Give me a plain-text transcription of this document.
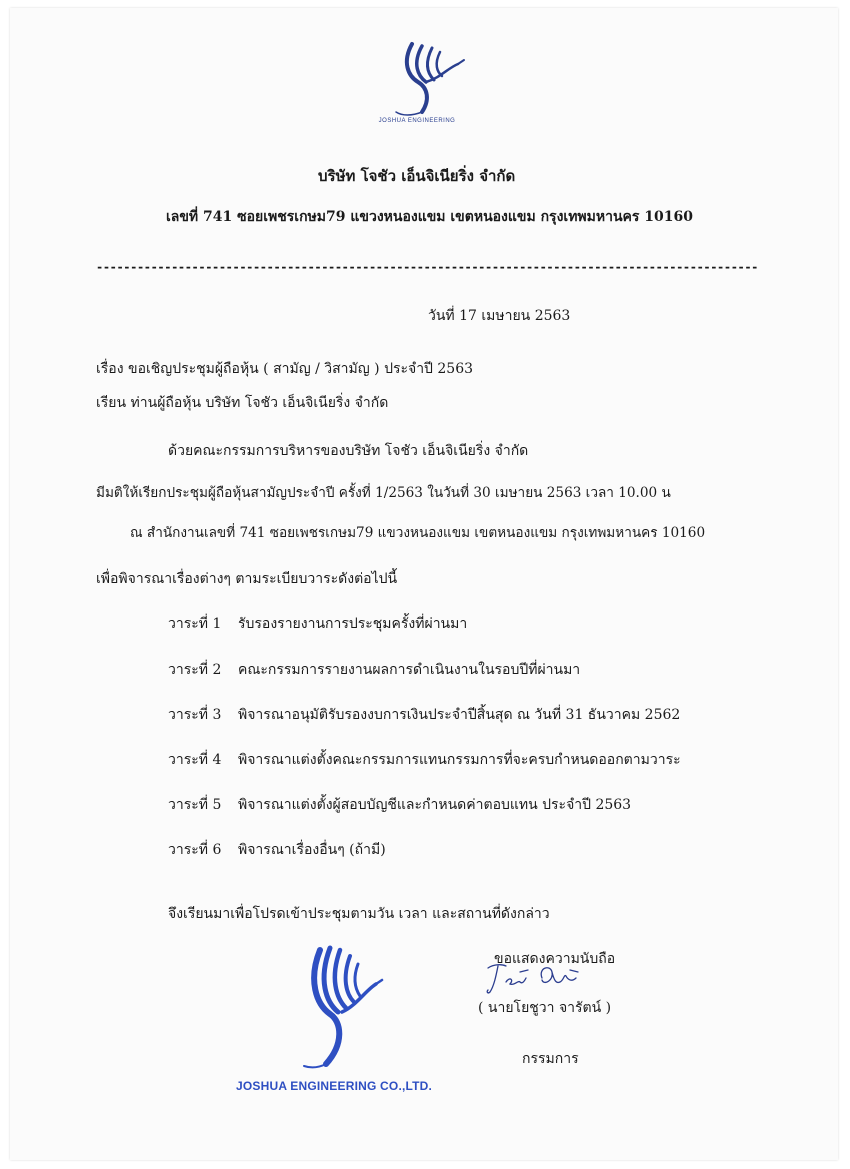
JOSHUA ENGINEERING
บริษัท โจชัว เอ็นจิเนียริ่ง จำกัด
เลขที่ 741 ซอยเพชรเกษม79 แขวงหนองแขม เขตหนองแขม กรุงเทพมหานคร 10160
-------------------------------------------------------------------------------------------------
วันที่ 17 เมษายน 2563
เรื่อง ขอเชิญประชุมผู้ถือหุ้น ( สามัญ / วิสามัญ ) ประจำปี 2563
เรียน ท่านผู้ถือหุ้น บริษัท โจชัว เอ็นจิเนียริ่ง จำกัด
ด้วยคณะกรรมการบริหารของบริษัท โจชัว เอ็นจิเนียริ่ง จำกัด
มีมติให้เรียกประชุมผู้ถือหุ้นสามัญประจำปี ครั้งที่ 1/2563 ในวันที่ 30 เมษายน 2563 เวลา 10.00 น
ณ สำนักงานเลขที่ 741 ซอยเพชรเกษม79 แขวงหนองแขม เขตหนองแขม กรุงเทพมหานคร 10160
เพื่อพิจารณาเรื่องต่างๆ ตามระเบียบวาระดังต่อไปนี้
วาระที่ 1 รับรองรายงานการประชุมครั้งที่ผ่านมา
วาระที่ 2 คณะกรรมการรายงานผลการดำเนินงานในรอบปีที่ผ่านมา
วาระที่ 3 พิจารณาอนุมัติรับรองงบการเงินประจำปีสิ้นสุด ณ วันที่ 31 ธันวาคม 2562
วาระที่ 4 พิจารณาแต่งตั้งคณะกรรมการแทนกรรมการที่จะครบกำหนดออกตามวาระ
วาระที่ 5 พิจารณาแต่งตั้งผู้สอบบัญชีและกำหนดค่าตอบแทน ประจำปี 2563
วาระที่ 6 พิจารณาเรื่องอื่นๆ (ถ้ามี)
จึงเรียนมาเพื่อโปรดเข้าประชุมตามวัน เวลา และสถานที่ดังกล่าว
ขอแสดงความนับถือ
( นายโยชูวา จารัตน์ )
กรรมการ
JOSHUA ENGINEERING CO.,LTD.
